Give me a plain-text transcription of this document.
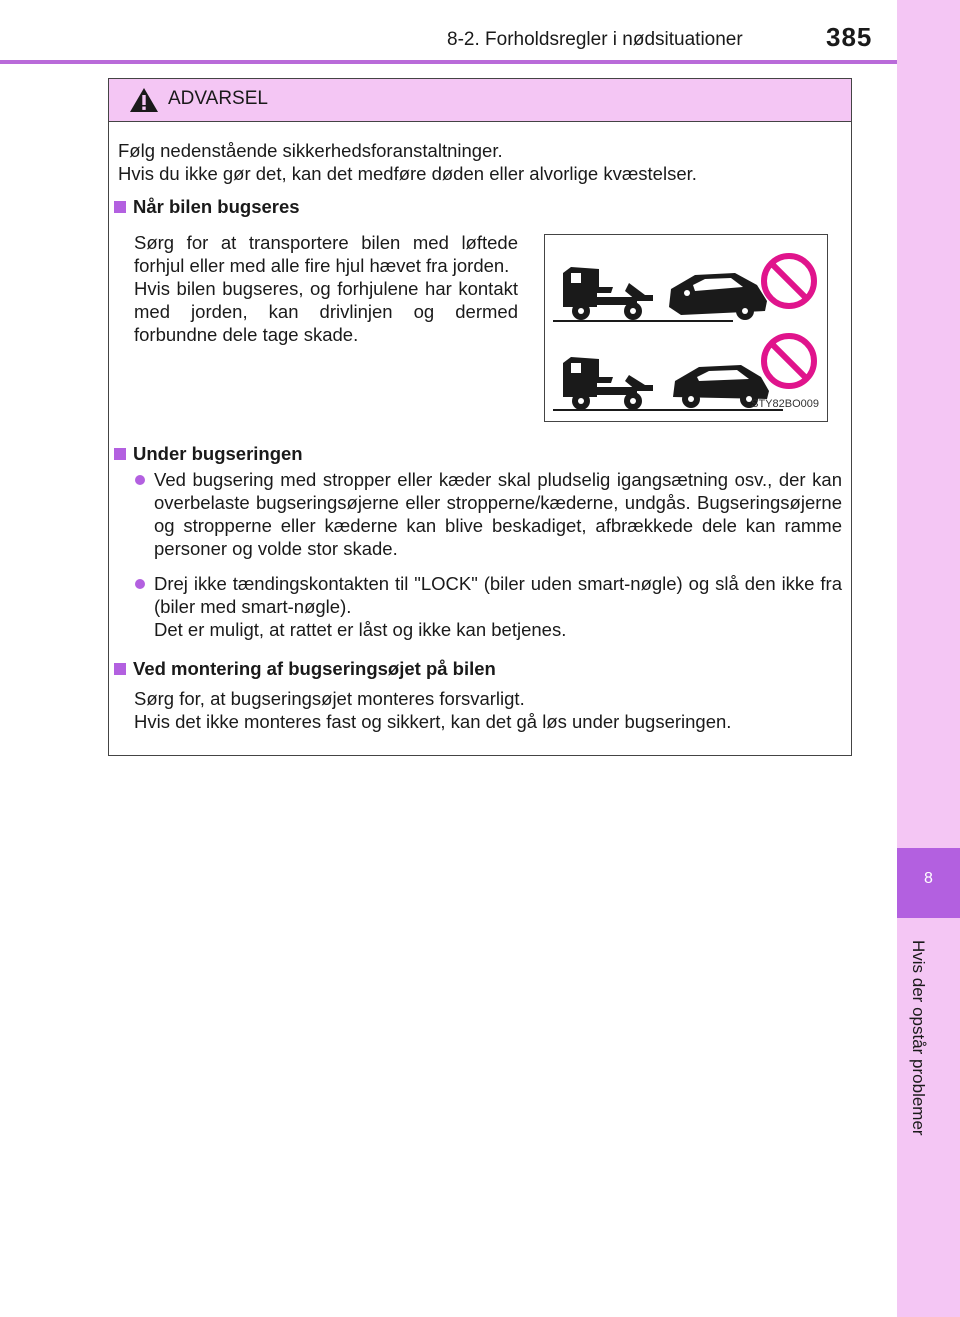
8-2. Forholdsregler i nødsituationer	385
8
Hvis der opstår problemer
ADVARSEL
Følg nedenstående sikkerhedsforanstaltninger.
Hvis du ikke gør det, kan det medføre døden eller alvorlige kvæstelser.
Når bilen bugseres
Sørg for at transportere bilen med løftede forhjul eller med alle fire hjul hævet fra jorden.
Hvis bilen bugseres, og forhjulene har kontakt med jorden, kan drivlinjen og dermed forbundne dele tage skade.
STY82BO009
Under bugseringen
Ved bugsering med stropper eller kæder skal pludselig igangsætning osv., der kan overbelaste bugseringsøjerne eller stropperne/kæderne, undgås. Bugseringsøjerne og stropperne eller kæderne kan blive beskadiget, afbrækkede dele kan ramme personer og volde stor skade.
Drej ikke tændingskontakten til "LOCK" (biler uden smart-nøgle) og slå den ikke fra (biler med smart-nøgle).
Det er muligt, at rattet er låst og ikke kan betjenes.
Ved montering af bugseringsøjet på bilen
Sørg for, at bugseringsøjet monteres forsvarligt.
Hvis det ikke monteres fast og sikkert, kan det gå løs under bugseringen.
